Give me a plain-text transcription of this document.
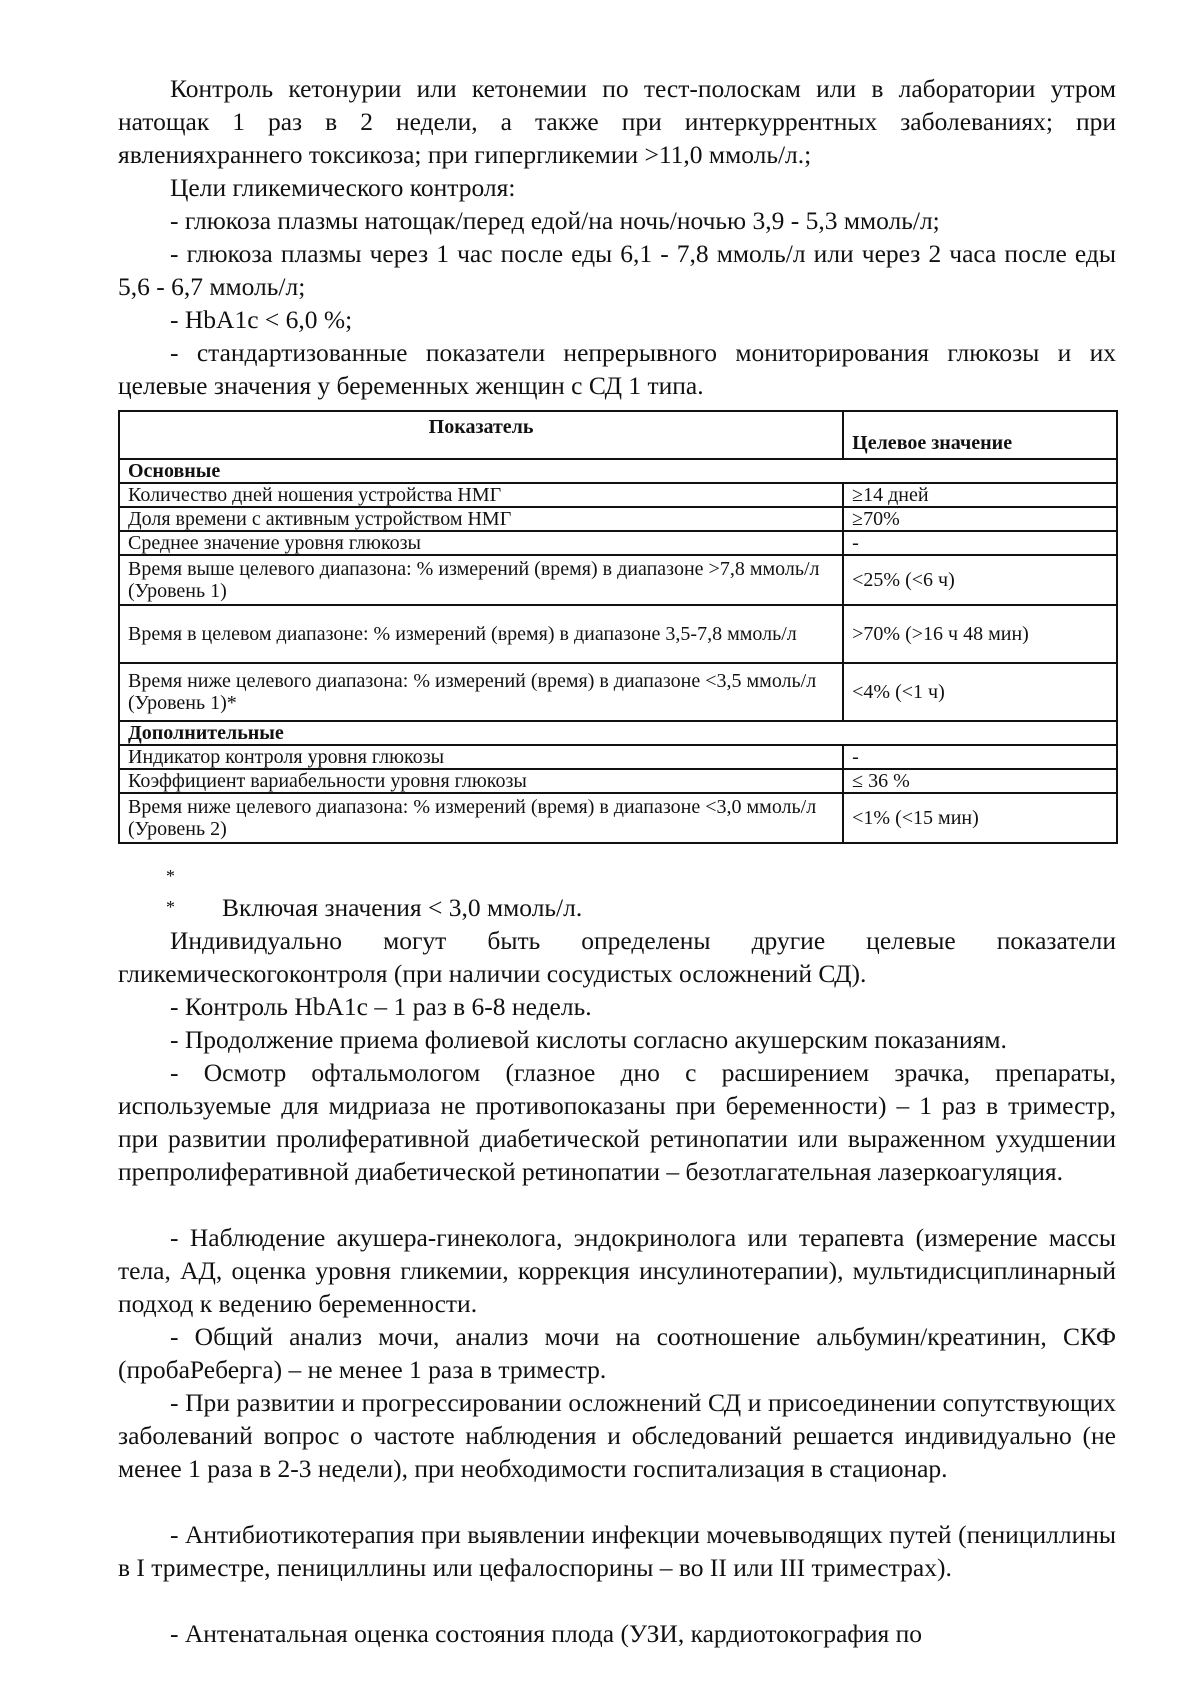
Контроль кетонурии или кетонемии по тест-полоскам или в лаборатории утром натощак 1 раз в 2 недели, а также при интеркуррентных заболеваниях; при явленияхраннего токсикоза; при гипергликемии >11,0 ммоль/л.;

Цели гликемического контроля:

- глюкоза плазмы натощак/перед едой/на ночь/ночью 3,9 - 5,3 ммоль/л;

- глюкоза плазмы через 1 час после еды 6,1 - 7,8 ммоль/л или через 2 часа после еды 5,6 - 6,7 ммоль/л;

- HbA1c < 6,0 %;

- стандартизованные показатели непрерывного мониторирования глюкозы и их целевые значения у беременных женщин с СД 1 типа.

Показатель	Целевое значение
Основные	
Количество дней ношения устройства НМГ	≥14 дней
Доля времени с активным устройством НМГ	≥70%
Среднее значение уровня глюкозы	-
Время выше целевого диапазона: % измерений (время) в диапазоне >7,8 ммоль/л (Уровень 1)	<25% (<6 ч)
Время в целевом диапазоне: % измерений (время) в диапазоне 3,5-7,8 ммоль/л	>70% (>16 ч 48 мин)
Время ниже целевого диапазона: % измерений (время) в диапазоне <3,5 ммоль/л (Уровень 1)*	<4% (<1 ч)
Дополнительные	
Индикатор контроля уровня глюкозы	-
Коэффициент вариабельности уровня глюкозы	≤ 36 %
Время ниже целевого диапазона: % измерений (время) в диапазоне <3,0 ммоль/л (Уровень 2)	<1% (<15 мин)
*
* Включая значения < 3,0 ммоль/л.

Индивидуально могут быть определены другие целевые показатели гликемическогоконтроля (при наличии сосудистых осложнений СД).

- Контроль HbA1c – 1 раз в 6-8 недель.

- Продолжение приема фолиевой кислоты согласно акушерским показаниям.

- Осмотр офтальмологом (глазное дно с расширением зрачка, препараты, используемые для мидриаза не противопоказаны при беременности) – 1 раз в триместр, при развитии пролиферативной диабетической ретинопатии или выраженном ухудшении препролиферативной диабетической ретинопатии – безотлагательная лазеркоагуляция.

- Наблюдение акушера-гинеколога, эндокринолога или терапевта (измерение массы тела, АД, оценка уровня гликемии, коррекция инсулинотерапии), мультидисциплинарный подход к ведению беременности.

- Общий анализ мочи, анализ мочи на соотношение альбумин/креатинин, СКФ (пробаРеберга) – не менее 1 раза в триместр.

- При развитии и прогрессировании осложнений СД и присоединении сопутствующих заболеваний вопрос о частоте наблюдения и обследований решается индивидуально (не менее 1 раза в 2-3 недели), при необходимости госпитализация в стационар.

- Антибиотикотерапия при выявлении инфекции мочевыводящих путей (пенициллины в I триместре, пенициллины или цефалоспорины – во II или III триместрах).

- Антенатальная оценка состояния плода (УЗИ, кардиотокография по
